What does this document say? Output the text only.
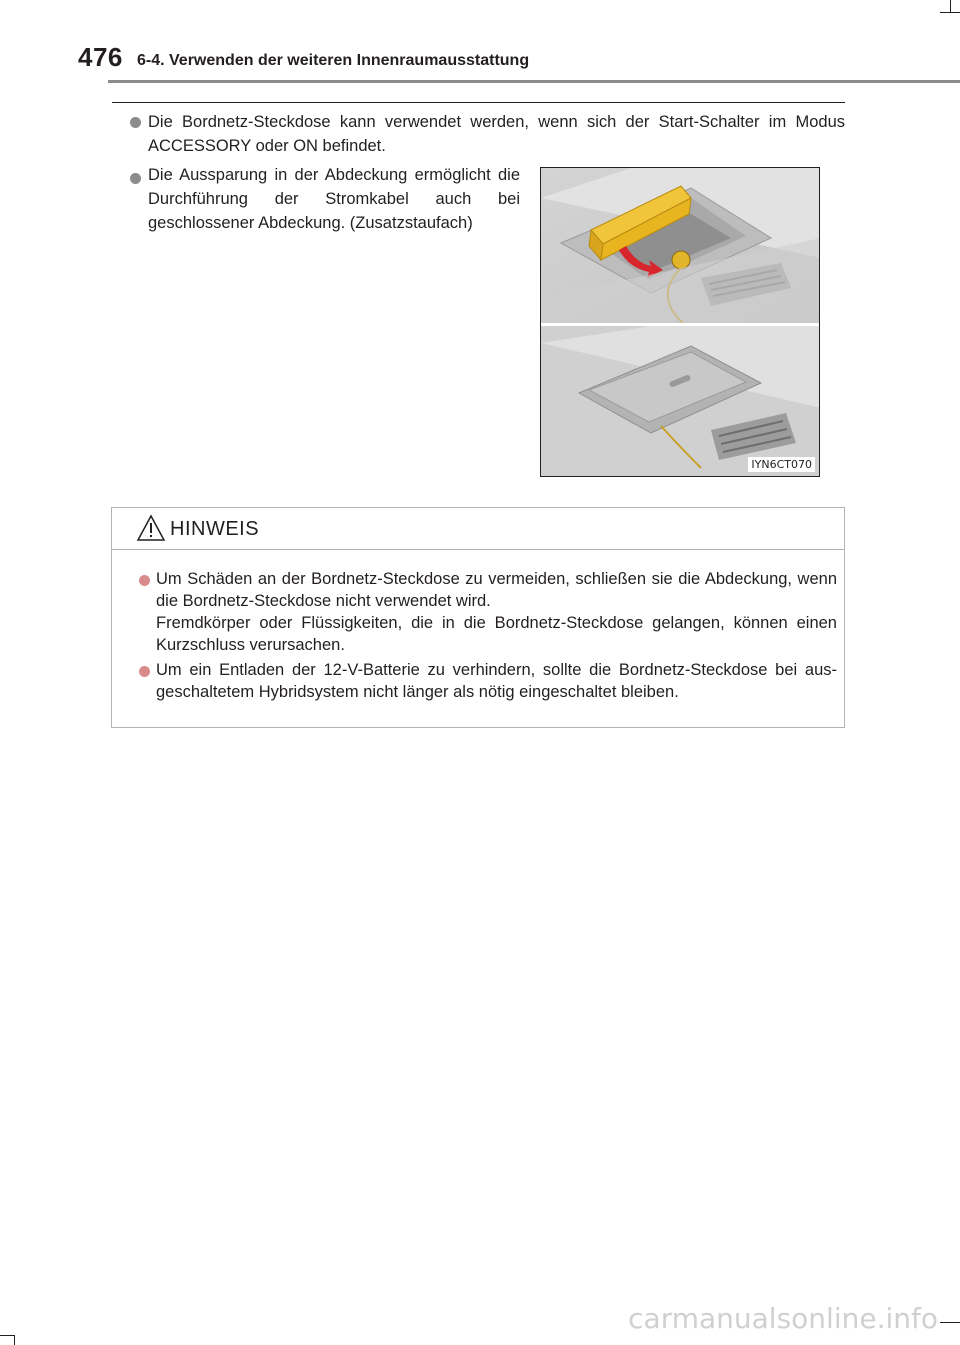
476 6-4. Verwenden der weiteren Innenraumausstattung
Die Bordnetz-Steckdose kann verwendet werden, wenn sich der Start-Schalter im Modus ACCESSORY oder ON befindet.
Die Aussparung in der Abdeckung ermöglicht die Durchführung der Stromkabel auch bei geschlossener Abdeckung. (Zusatzstaufach)
IYN6CT070
HINWEIS
Um Schäden an der Bordnetz-Steckdose zu vermeiden, schließen sie die Abdeckung, wenn die Bordnetz-Steckdose nicht verwendet wird.
Fremdkörper oder Flüssigkeiten, die in die Bordnetz-Steckdose gelangen, können einen Kurzschluss verursachen.
Um ein Entladen der 12-V-Batterie zu verhindern, sollte die Bordnetz-Steckdose bei aus-geschaltetem Hybridsystem nicht länger als nötig eingeschaltet bleiben.
carmanualsonline.info
